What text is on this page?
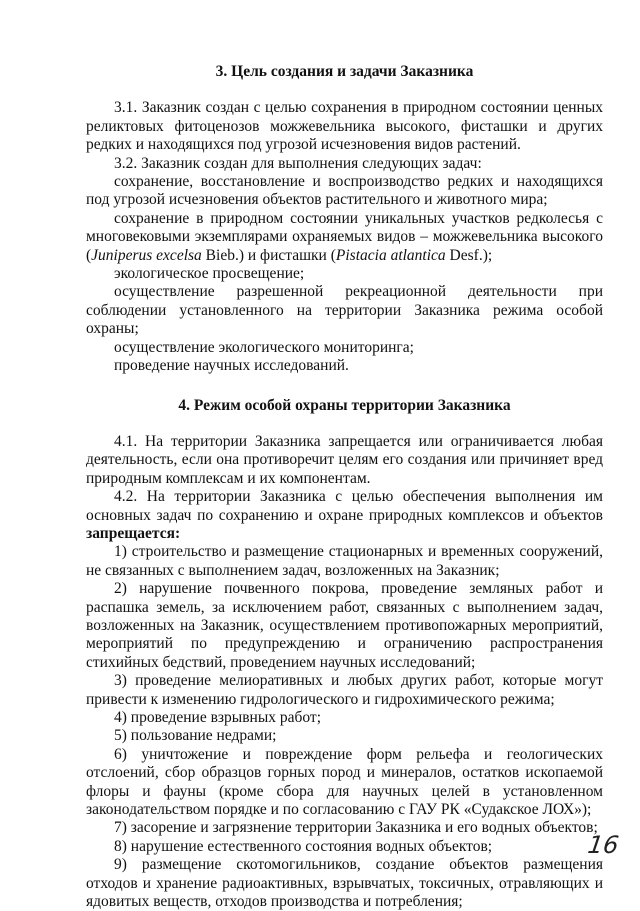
3. Цель создания и задачи Заказника

3.1. Заказник создан с целью сохранения в природном состоянии ценных реликтовых фитоценозов можжевельника высокого, фисташки и других редких и находящихся под угрозой исчезновения видов растений.

3.2. Заказник создан для выполнения следующих задач:

сохранение, восстановление и воспроизводство редких и находящихся под угрозой исчезновения объектов растительного и животного мира;

сохранение в природном состоянии уникальных участков редколесья с многовековыми экземплярами охраняемых видов – можжевельника высокого (Juniperus excelsa Bieb.) и фисташки (Pistacia atlantica Desf.);

экологическое просвещение;

осуществление разрешенной рекреационной деятельности при соблюдении установленного на территории Заказника режима особой охраны;

осуществление экологического мониторинга;

проведение научных исследований.

4. Режим особой охраны территории Заказника

4.1. На территории Заказника запрещается или ограничивается любая деятельность, если она противоречит целям его создания или причиняет вред природным комплексам и их компонентам.

4.2. На территории Заказника с целью обеспечения выполнения им основных задач по сохранению и охране природных комплексов и объектов запрещается:

1) строительство и размещение стационарных и временных сооружений, не связанных с выполнением задач, возложенных на Заказник;

2) нарушение почвенного покрова, проведение земляных работ и распашка земель, за исключением работ, связанных с выполнением задач, возложенных на Заказник, осуществлением противопожарных мероприятий, мероприятий по предупреждению и ограничению распространения стихийных бедствий, проведением научных исследований;

3) проведение мелиоративных и любых других работ, которые могут привести к изменению гидрологического и гидрохимического режима;

4) проведение взрывных работ;

5) пользование недрами;

6) уничтожение и повреждение форм рельефа и геологических отслоений, сбор образцов горных пород и минералов, остатков ископаемой флоры и фауны (кроме сбора для научных целей в установленном законодательством порядке и по согласованию с ГАУ РК «Судакское ЛОХ»);

7) засорение и загрязнение территории Заказника и его водных объектов;

8) нарушение естественного состояния водных объектов;

9) размещение скотомогильников, создание объектов размещения отходов и хранение радиоактивных, взрывчатых, токсичных, отравляющих и ядовитых веществ, отходов производства и потребления;

16
